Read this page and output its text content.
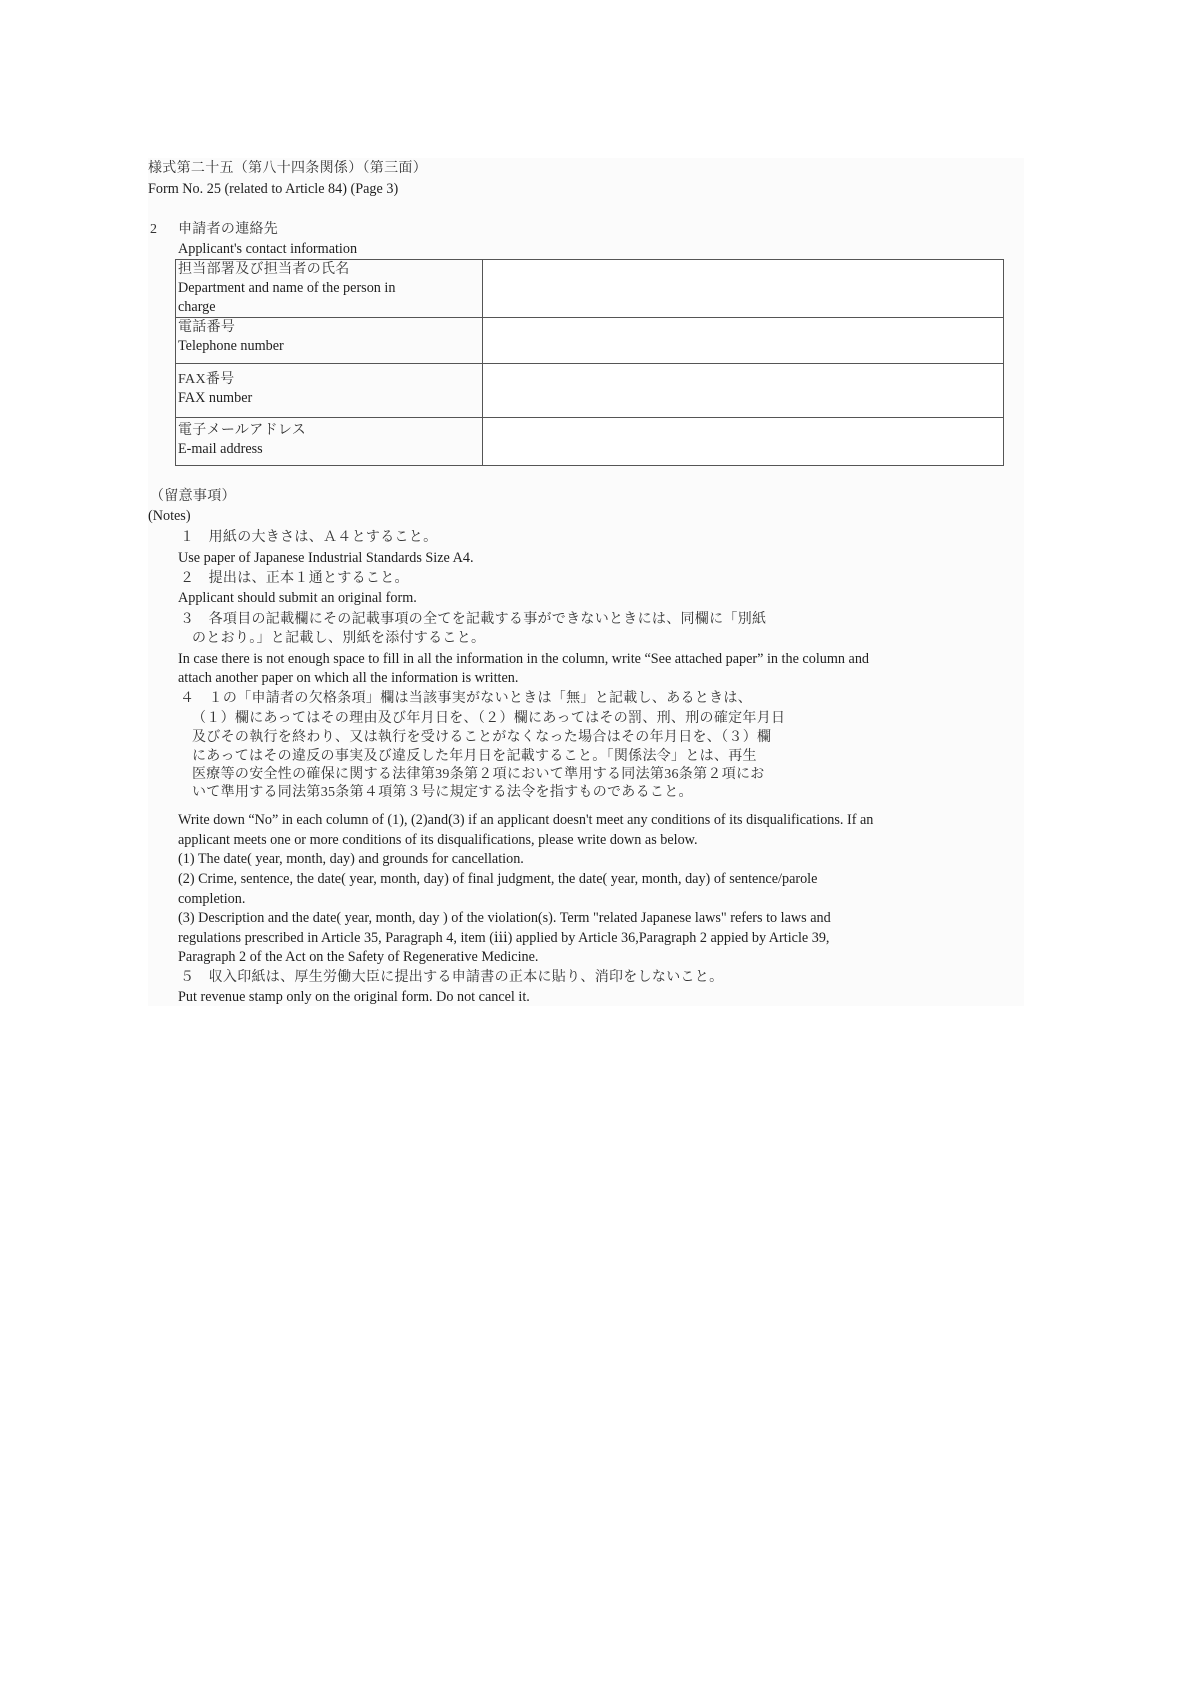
様式第二十五（第八十四条関係）（第三面）
Form No. 25 (related to Article 84) (Page 3)
2 申請者の連絡先
Applicant's contact information
担当部署及び担当者の氏名
Department and name of the person in
charge	

電話番号
Telephone number	

FAX番号
FAX number	

電子メールアドレス
E-mail address	

（留意事項）
(Notes)
１　用紙の大きさは、Ａ４とすること。
Use paper of Japanese Industrial Standards Size A4.
２　提出は、正本１通とすること。
Applicant should submit an original form.
３　各項目の記載欄にその記載事項の全てを記載する事ができないときには、同欄に「別紙
のとおり。」と記載し、別紙を添付すること。
In case there is not enough space to fill in all the information in the column, write “See attached paper” in the column and
attach another paper on which all the information is written.
４　１の「申請者の欠格条項」欄は当該事実がないときは「無」と記載し、あるときは、
（１）欄にあってはその理由及び年月日を、（２）欄にあってはその罰、刑、刑の確定年月日
及びその執行を終わり、又は執行を受けることがなくなった場合はその年月日を、（３）欄
にあってはその違反の事実及び違反した年月日を記載すること。「関係法令」とは、再生
医療等の安全性の確保に関する法律第39条第２項において準用する同法第36条第２項にお
いて準用する同法第35条第４項第３号に規定する法令を指すものであること。
Write down “No” in each column of (1), (2)and(3) if an applicant doesn't meet any conditions of its disqualifications. If an
applicant meets one or more conditions of its disqualifications, please write down as below.
(1) The date( year, month, day) and grounds for cancellation.
(2) Crime, sentence, the date( year, month, day) of final judgment, the date( year, month, day) of sentence/parole
completion.
(3) Description and the date( year, month, day ) of the violation(s). Term "related Japanese laws" refers to laws and
regulations prescribed in Article 35, Paragraph 4, item (ⅲ) applied by Article 36,Paragraph 2 appied by Article 39,
Paragraph 2 of the Act on the Safety of Regenerative Medicine.
５　収入印紙は、厚生労働大臣に提出する申請書の正本に貼り、消印をしないこと。
Put revenue stamp only on the original form. Do not cancel it.
